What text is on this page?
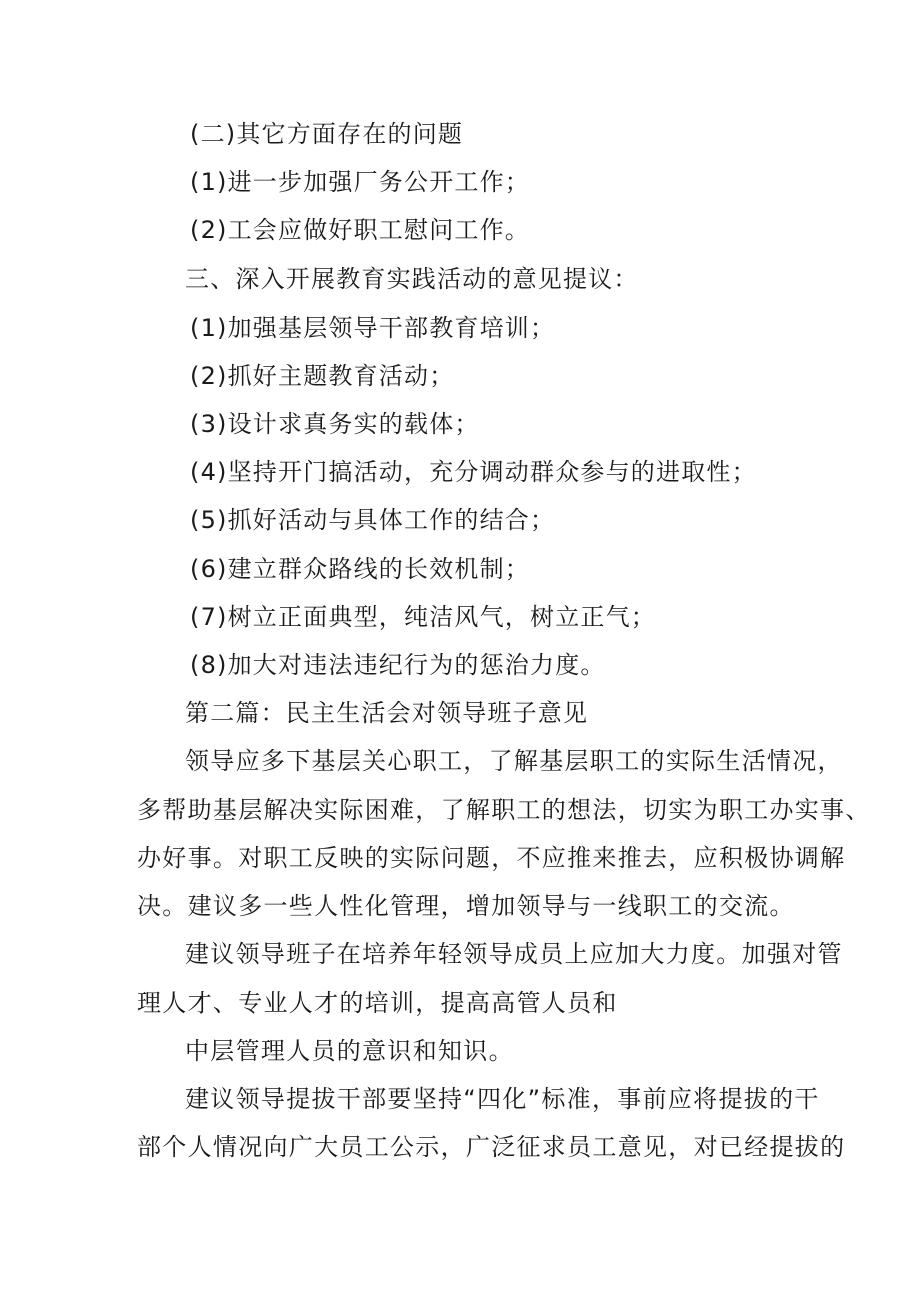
(二)其它方面存在的问题
(1)进一步加强厂务公开工作；
(2)工会应做好职工慰问工作。
三、深入开展教育实践活动的意见提议：
(1)加强基层领导干部教育培训；
(2)抓好主题教育活动；
(3)设计求真务实的载体；
(4)坚持开门搞活动，充分调动群众参与的进取性；
(5)抓好活动与具体工作的结合；
(6)建立群众路线的长效机制；
(7)树立正面典型，纯洁风气，树立正气；
(8)加大对违法违纪行为的惩治力度。
第二篇：民主生活会对领导班子意见
领导应多下基层关心职工，了解基层职工的实际生活情况，
多帮助基层解决实际困难，了解职工的想法，切实为职工办实事、
办好事。对职工反映的实际问题，不应推来推去，应积极协调解
决。建议多一些人性化管理，增加领导与一线职工的交流。
建议领导班子在培养年轻领导成员上应加大力度。加强对管
理人才、专业人才的培训，提高高管人员和
中层管理人员的意识和知识。
建议领导提拔干部要坚持“四化”标准，事前应将提拔的干
部个人情况向广大员工公示，广泛征求员工意见，对已经提拔的
